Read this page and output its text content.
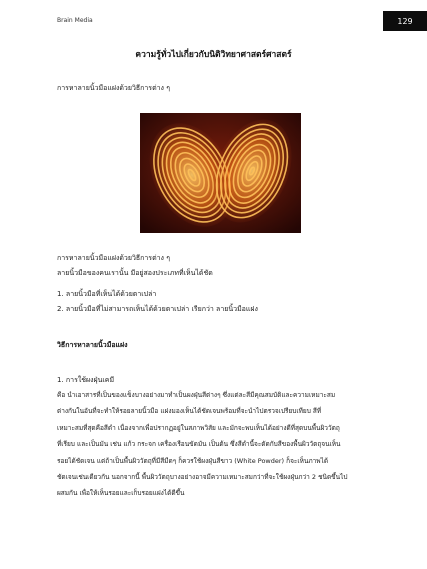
Brain Media	129
ความรู้ทั่วไปเกี่ยวกับนิติวิทยาศาสตร์ศาสตร์
การหาลายนิ้วมือแฝงด้วยวิธีการต่าง ๆ
การหาลายนิ้วมือแฝงด้วยวิธีการต่าง ๆ
ลายนิ้วมือของคนเรานั้น มีอยู่สองประเภทที่เห็นได้ชัด
1. ลายนิ้วมือที่เห็นได้ด้วยตาเปล่า
2. ลายนิ้วมือที่ไม่สามารถเห็นได้ด้วยตาเปล่า เรียกว่า ลายนิ้วมือแฝง
วิธีการหาลายนิ้วมือแฝง
1. การใช้ผงฝุ่นเคมี
คือ นำเอาสารที่เป็นของแข็งบางอย่างมาทำเป็นผงฝุ่นสีต่างๆ ซึ่งแต่ละสีมีคุณสมบัติและความเหมาะสม
ต่างกันในอันที่จะทำให้รอยลายนิ้วมือ แฝงมองเห็นได้ชัดเจนพร้อมที่จะนำไปตรวจเปรียบเทียบ สีที่
เหมาะสมที่สุดคือสีดำ เนื่องจากเพื่อปรากฏอยู่ในสภาพวิสัย และมักจะพบเห็นได้อย่างดีที่สุดบนพื้นผิววัตถุ
ที่เรียบ และเป็นมัน เช่น แก้ว กระจก เครื่องเรือนขัดมัน เป็นต้น ซึ่งสีดำนี้จะตัดกับสีของพื้นผิววัตถุจนเห็น
รอยได้ชัดเจน แต่ถ้าเป็นพื้นผิววัตถุที่มีสีมืดๆ ก็ควรใช้ผงฝุ่นสีขาว (White Powder) ก็จะเห็นภาพได้
ชัดเจนเช่นเดียวกัน นอกจากนี้ พื้นผิววัตถุบางอย่างอาจมีความเหมาะสมกว่าที่จะใช้ผงฝุ่นกว่า 2 ชนิดขึ้นไป
ผสมกัน เพื่อให้เห็นรอยและเก็บรอยแฝงได้ดีขึ้น
